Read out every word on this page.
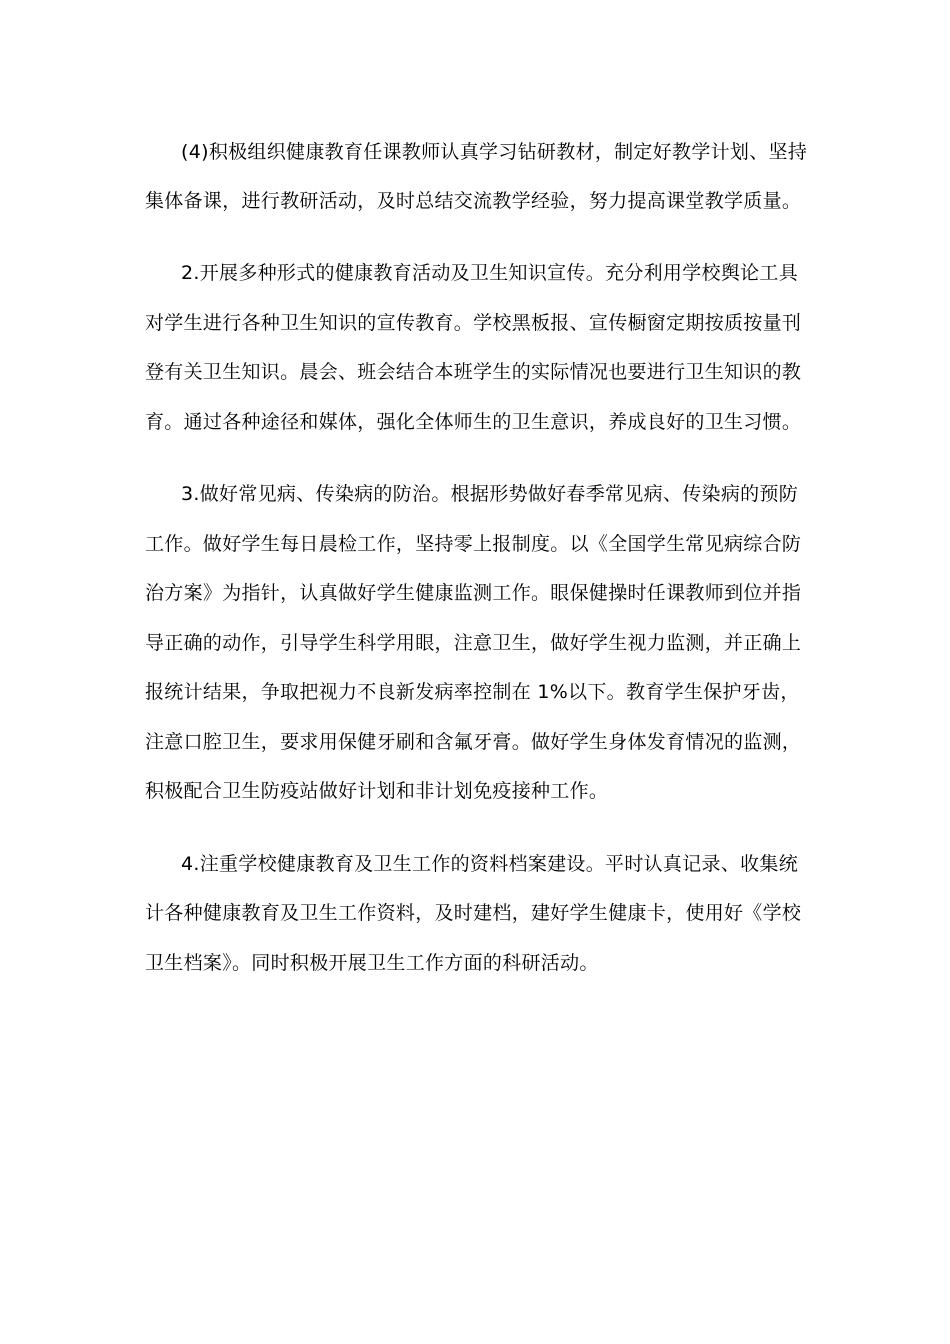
(4)积极组织健康教育任课教师认真学习钻研教材，制定好教学计划、坚持
集体备课，进行教研活动，及时总结交流教学经验，努力提高课堂教学质量。
2.开展多种形式的健康教育活动及卫生知识宣传。充分利用学校舆论工具
对学生进行各种卫生知识的宣传教育。学校黑板报、宣传橱窗定期按质按量刊
登有关卫生知识。晨会、班会结合本班学生的实际情况也要进行卫生知识的教
育。通过各种途径和媒体，强化全体师生的卫生意识，养成良好的卫生习惯。
3.做好常见病、传染病的防治。根据形势做好春季常见病、传染病的预防
工作。做好学生每日晨检工作，坚持零上报制度。以《全国学生常见病综合防
治方案》为指针，认真做好学生健康监测工作。眼保健操时任课教师到位并指
导正确的动作，引导学生科学用眼，注意卫生，做好学生视力监测，并正确上
报统计结果，争取把视力不良新发病率控制在 1%以下。教育学生保护牙齿，
注意口腔卫生，要求用保健牙刷和含氟牙膏。做好学生身体发育情况的监测，
积极配合卫生防疫站做好计划和非计划免疫接种工作。
4.注重学校健康教育及卫生工作的资料档案建设。平时认真记录、收集统
计各种健康教育及卫生工作资料，及时建档，建好学生健康卡，使用好《学校
卫生档案》。同时积极开展卫生工作方面的科研活动。
